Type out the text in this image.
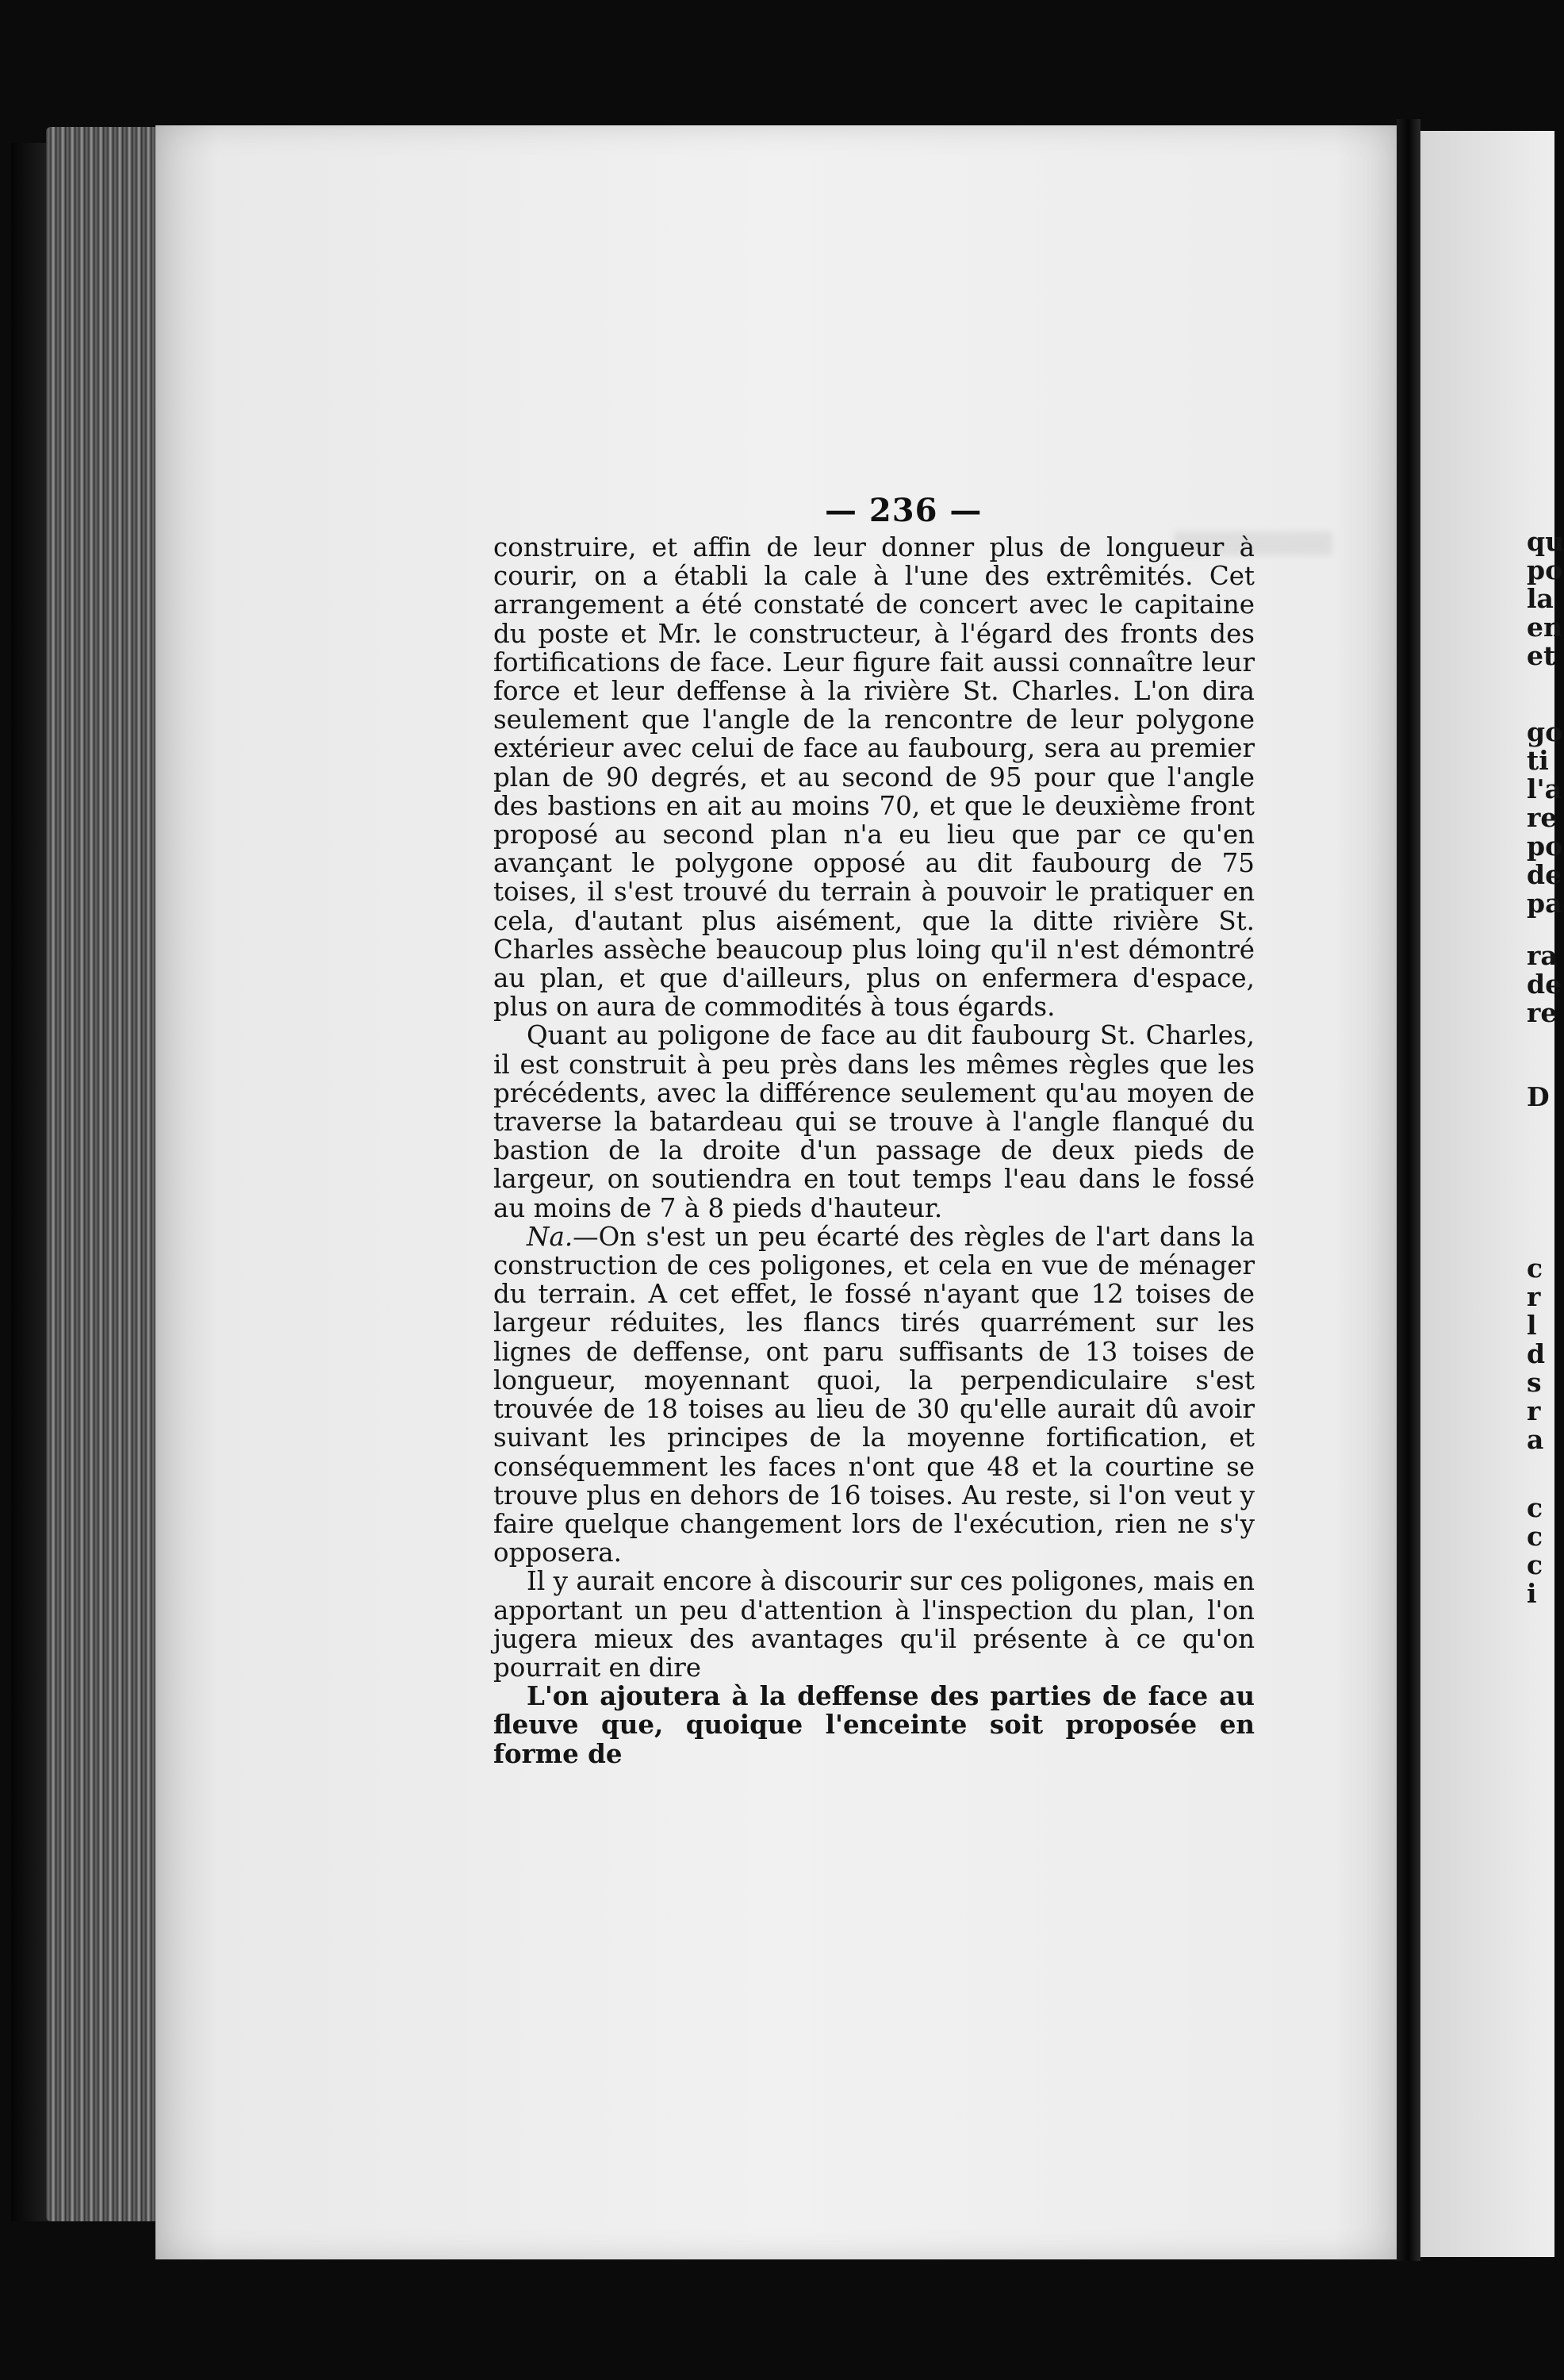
— 236 —

construire, et affin de leur donner plus de longueur à courir, on a établi la cale à l'une des extrêmités. Cet arrangement a été constaté de concert avec le capitaine du poste et Mr. le constructeur, à l'égard des fronts des fortifications de face. Leur figure fait aussi connaître leur force et leur deffense à la rivière St. Charles. L'on dira seulement que l'angle de la rencontre de leur polygone extérieur avec celui de face au faubourg, sera au premier plan de 90 degrés, et au second de 95 pour que l'angle des bastions en ait au moins 70, et que le deuxième front proposé au second plan n'a eu lieu que par ce qu'en avançant le polygone opposé au dit faubourg de 75 toises, il s'est trouvé du terrain à pouvoir le pratiquer en cela, d'autant plus aisément, que la ditte rivière St. Charles assèche beaucoup plus loing qu'il n'est démontré au plan, et que d'ailleurs, plus on enfermera d'espace, plus on aura de commodités à tous égards.

Quant au poligone de face au dit faubourg St. Charles, il est construit à peu près dans les mêmes règles que les précédents, avec la différence seulement qu'au moyen de traverse la batardeau qui se trouve à l'angle flanqué du bastion de la droite d'un passage de deux pieds de largeur, on soutiendra en tout temps l'eau dans le fossé au moins de 7 à 8 pieds d'hauteur.

Na.—On s'est un peu écarté des règles de l'art dans la construction de ces poligones, et cela en vue de ménager du terrain. A cet effet, le fossé n'ayant que 12 toises de largeur réduites, les flancs tirés quarrément sur les lignes de deffense, ont paru suffisants de 13 toises de longueur, moyennant quoi, la perpendiculaire s'est trouvée de 18 toises au lieu de 30 qu'elle aurait dû avoir suivant les principes de la moyenne fortification, et conséquemment les faces n'ont que 48 et la courtine se trouve plus en dehors de 16 toises. Au reste, si l'on veut y faire quelque changement lors de l'exécution, rien ne s'y opposera.

Il y aurait encore à discourir sur ces poligones, mais en apportant un peu d'attention à l'inspection du plan, l'on jugera mieux des avantages qu'il présente à ce qu'on pourrait en dire

L'on ajoutera à la deffense des parties de face au fleuve que, quoique l'enceinte soit proposée en forme de

qu
po
la
en
et
go
ti
l'a
re
po
de
pa
ra
de
re
D
c
r
l
d
s
r
a
c
c
c
i
